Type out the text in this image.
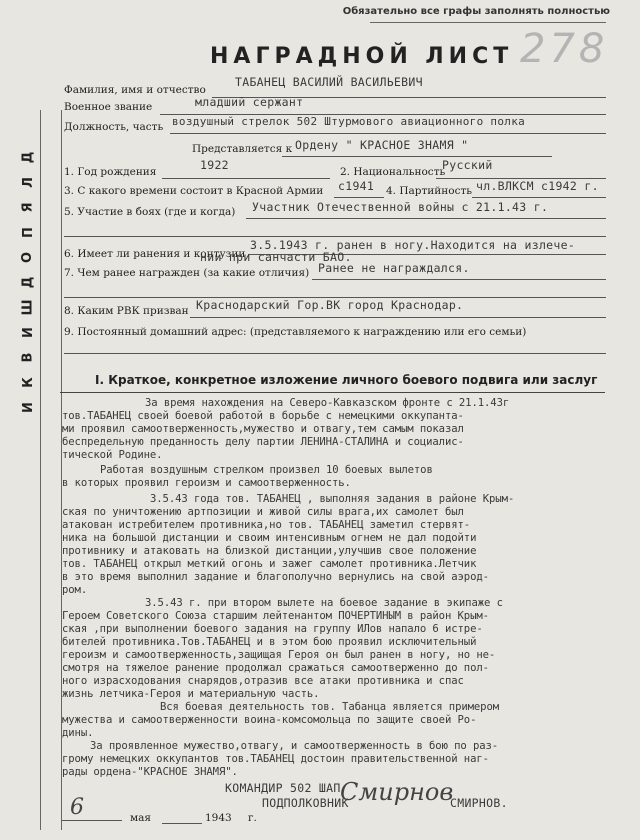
Обязательно все графы заполнять полностью
НАГРАДНОЙ ЛИСТ 278
Д
Л
Я
П
О
Д
Ш
И
В
К
И
Фамилия, имя и отчество
ТАБАНЕЦ ВАСИЛИЙ ВАСИЛЬЕВИЧ
Военное звание	младший сержант
Должность, часть воздушный стрелок 502 Штурмового авиационного полка
Представляется к Ордену " КРАСНОЕ ЗНАМЯ "
1. Год рождения	1922	2. Национальность
Русский
3. С какого времени состоит в Красной Армии с1941 4. Партийность чл.ВЛКСМ с1942 г.
5. Участие в боях (где и когда) Участник Отечественной войны с 21.1.43 г.
6. Имеет ли ранения и контузии
3.5.1943 г. ранен в ногу.Находится на излече-
нии при санчасти БАО.
7. Чем ранее награжден (за какие отличия) Ранее не награждался.
8. Каким РВК призван Краснодарский Гор.ВК город Краснодар.
9. Постоянный домашний адрес: (представляемого к награждению или его семьи)
I. Краткое, конкретное изложение личного боевого подвига или заслуг
За время нахождения на Северо-Кавказском фронте с 21.1.43г
тов.ТАБАНЕЦ своей боевой работой в борьбе с немецкими оккупанта-
ми проявил самоотверженность,мужество и отвагу,тем самым показал
беспредельную преданность делу партии ЛЕНИНА-СТАЛИНА и социалис-
тической Родине.
Работая воздушным стрелком произвел 10 боевых вылетов
в которых проявил героизм и самоотверженность.
3.5.43 года тов. ТАБАНЕЦ , выполняя задания в районе Крым-
ская по уничтожению артпозиции и живой силы врага,их самолет был
атакован истребителем противника,но тов. ТАБАНЕЦ заметил стервят-
ника на большой дистанции и своим интенсивным огнем не дал подойти
противнику и атаковать на близкой дистанции,улучшив свое положение
тов. ТАБАНЕЦ открыл меткий огонь и зажег самолет противника.Летчик
в это время выполнил задание и благополучно вернулись на свой аэрод-
ром.
3.5.43 г. при втором вылете на боевое задание в экипаже с
Героем Советского Союза старшим лейтенантом ПОЧЕРТИНЫМ в район Крым-
ская ,при выполнении боевого задания на группу ИЛов напало 6 истре-
бителей противника.Тов.ТАБАНЕЦ и в этом бою проявил исключительный
героизм и самоотверженность,защищая Героя он был ранен в ногу, но не-
смотря на тяжелое ранение продолжал сражаться самоотверженно до пол-
ного израсходования снарядов,отразив все атаки противника и спас
жизнь летчика-Героя и материальную часть.
Вся боевая деятельность тов. Табанца является примером
мужества и самоотверженности воина-комсомольца по защите своей Ро-
дины.
За проявленное мужество,отвагу, и самоотверженность в бою по раз-
грому немецких оккупантов тов.ТАБАНЕЦ достоин правительственной наг-
рады ордена-"КРАСНОЕ ЗНАМЯ".
КОМАНДИР 502 ШАП
ПОДПОЛКОВНИК	СМИРНОВ.
Смирнов
6	мая	1943 г.
